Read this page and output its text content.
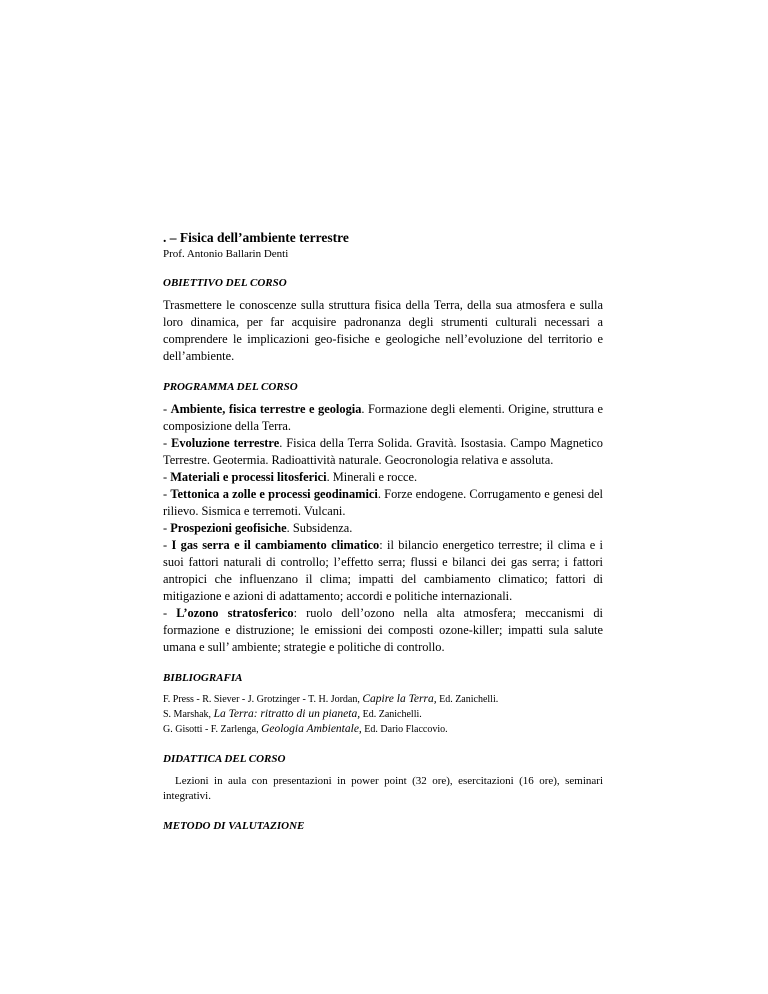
. – Fisica dell’ambiente terrestre

Prof. Antonio Ballarin Denti

OBIETTIVO DEL CORSO

Trasmettere le conoscenze sulla struttura fisica della Terra, della sua atmosfera e sulla loro dinamica, per far acquisire padronanza degli strumenti culturali necessari a comprendere le implicazioni geo-fisiche e geologiche nell’evoluzione del territorio e dell’ambiente.

PROGRAMMA DEL CORSO

- Ambiente, fisica terrestre e geologia. Formazione degli elementi. Origine, struttura e composizione della Terra.

- Evoluzione terrestre. Fisica della Terra Solida. Gravità. Isostasia. Campo Magnetico Terrestre. Geotermia. Radioattività naturale. Geocronologia relativa e assoluta.

- Materiali e processi litosferici. Minerali e rocce.

- Tettonica a zolle e processi geodinamici. Forze endogene. Corrugamento e genesi del rilievo. Sismica e terremoti. Vulcani.

- Prospezioni geofisiche. Subsidenza.

- I gas serra e il cambiamento climatico: il bilancio energetico terrestre; il clima e i suoi fattori naturali di controllo; l’effetto serra; flussi e bilanci dei gas serra; i fattori antropici che influenzano il clima; impatti del cambiamento climatico; fattori di mitigazione e azioni di adattamento; accordi e politiche internazionali.

- L’ozono stratosferico: ruolo dell’ozono nella alta atmosfera; meccanismi di formazione e distruzione; le emissioni dei composti ozone-killer; impatti sula salute umana e sull’ ambiente; strategie e politiche di controllo.

BIBLIOGRAFIA

F. Press - R. Siever - J. Grotzinger - T. H. Jordan, Capire la Terra, Ed. Zanichelli.

S. Marshak, La Terra: ritratto di un pianeta, Ed. Zanichelli.

G. Gisotti - F. Zarlenga, Geologia Ambientale, Ed. Dario Flaccovio.

DIDATTICA DEL CORSO

Lezioni in aula con presentazioni in power point (32 ore), esercitazioni (16 ore), seminari integrativi.

METODO DI VALUTAZIONE
